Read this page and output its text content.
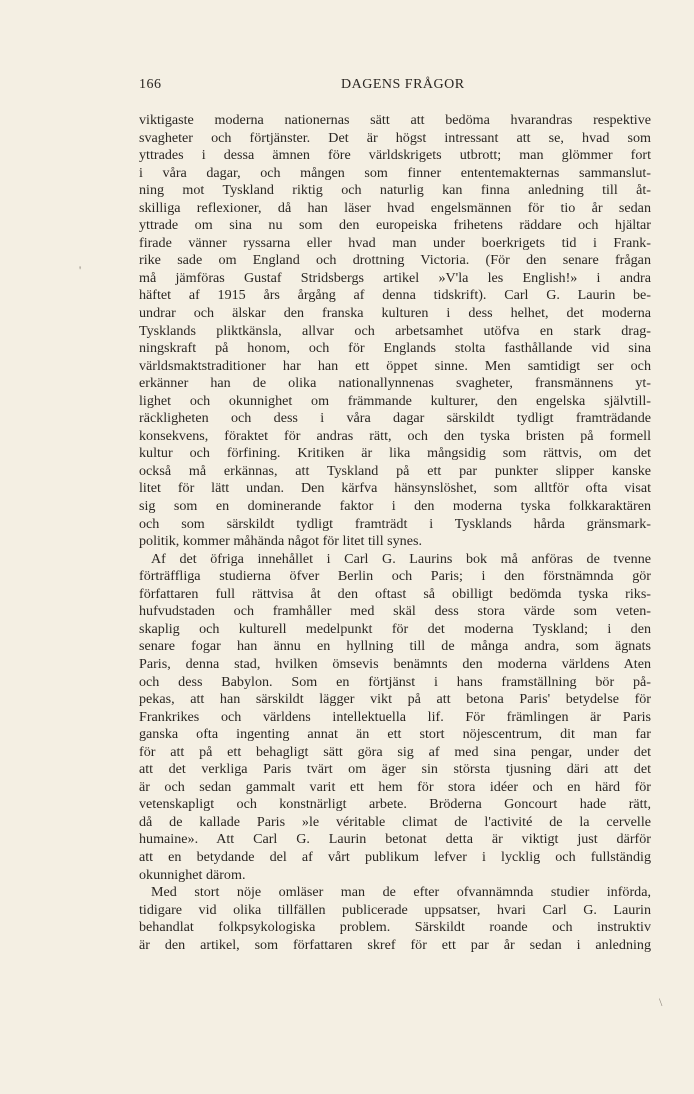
166	DAGENS FRÅGOR
'
\
viktigaste moderna nationernas sätt att bedöma hvarandras respektive
svagheter och förtjänster. Det är högst intressant att se, hvad som
yttrades i dessa ämnen före världskrigets utbrott; man glömmer fort
i våra dagar, och mången som finner ententemakternas sammanslut-
ning mot Tyskland riktig och naturlig kan finna anledning till åt-
skilliga reflexioner, då han läser hvad engelsmännen för tio år sedan
yttrade om sina nu som den europeiska frihetens räddare och hjältar
firade vänner ryssarna eller hvad man under boerkrigets tid i Frank-
rike sade om England och drottning Victoria. (För den senare frågan
må jämföras Gustaf Stridsbergs artikel »V'la les English!» i andra
häftet af 1915 års årgång af denna tidskrift). Carl G. Laurin be-
undrar och älskar den franska kulturen i dess helhet, det moderna
Tysklands pliktkänsla, allvar och arbetsamhet utöfva en stark drag-
ningskraft på honom, och för Englands stolta fasthållande vid sina
världsmaktstraditioner har han ett öppet sinne. Men samtidigt ser och
erkänner han de olika nationallynnenas svagheter, fransmännens yt-
lighet och okunnighet om främmande kulturer, den engelska självtill-
räckligheten och dess i våra dagar särskildt tydligt framträdande
konsekvens, föraktet för andras rätt, och den tyska bristen på formell
kultur och förfining. Kritiken är lika mångsidig som rättvis, om det
också må erkännas, att Tyskland på ett par punkter slipper kanske
litet för lätt undan. Den kärfva hänsynslöshet, som alltför ofta visat
sig som en dominerande faktor i den moderna tyska folkkaraktären
och som särskildt tydligt framträdt i Tysklands hårda gränsmark-
politik, kommer måhända något för litet till synes.
Af det öfriga innehållet i Carl G. Laurins bok må anföras de tvenne
förträffliga studierna öfver Berlin och Paris; i den förstnämnda gör
författaren full rättvisa åt den oftast så obilligt bedömda tyska riks-
hufvudstaden och framhåller med skäl dess stora värde som veten-
skaplig och kulturell medelpunkt för det moderna Tyskland; i den
senare fogar han ännu en hyllning till de många andra, som ägnats
Paris, denna stad, hvilken ömsevis benämnts den moderna världens Aten
och dess Babylon. Som en förtjänst i hans framställning bör på-
pekas, att han särskildt lägger vikt på att betona Paris' betydelse för
Frankrikes och världens intellektuella lif. För främlingen är Paris
ganska ofta ingenting annat än ett stort nöjescentrum, dit man far
för att på ett behagligt sätt göra sig af med sina pengar, under det
att det verkliga Paris tvärt om äger sin största tjusning däri att det
är och sedan gammalt varit ett hem för stora idéer och en härd för
vetenskapligt och konstnärligt arbete. Bröderna Goncourt hade rätt,
då de kallade Paris »le véritable climat de l'activité de la cervelle
humaine». Att Carl G. Laurin betonat detta är viktigt just därför
att en betydande del af vårt publikum lefver i lycklig och fullständig
okunnighet därom.
Med stort nöje omläser man de efter ofvannämnda studier införda,
tidigare vid olika tillfällen publicerade uppsatser, hvari Carl G. Laurin
behandlat folkpsykologiska problem. Särskildt roande och instruktiv
är den artikel, som författaren skref för ett par år sedan i anledning
